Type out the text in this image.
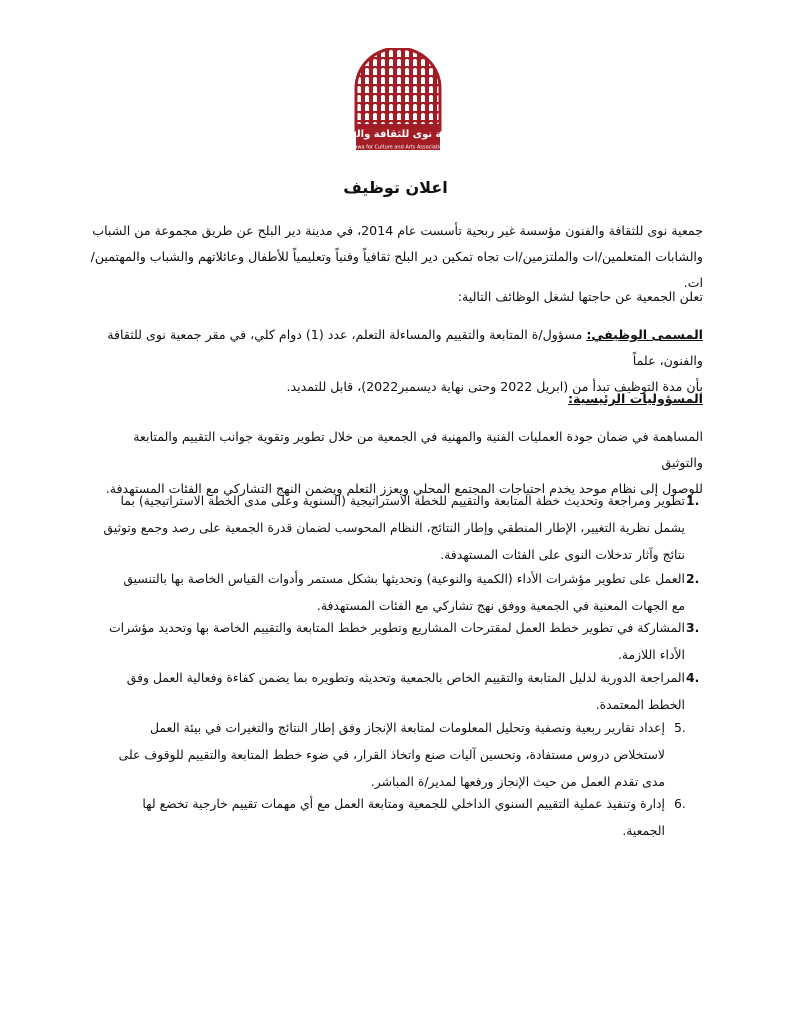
جمعية نوى للثقافة والفنون
Nawa for Culture and Arts Association
اعلان توظيف
جمعية نوى للثقافة والفنون مؤسسة غير ربحية تأسست عام 2014، في مدينة دير البلح عن طريق مجموعة من الشباب
والشابات المتعلمين/ات والملتزمين/ات تجاه تمكين دير البلح ثقافياً وفنياً وتعليمياً للأطفال وعائلاتهم والشباب والمهتمين/ات.
تعلن الجمعية عن حاجتها لشغل الوظائف التالية:
المسمى الوظيفي: مسؤول/ة المتابعة والتقييم والمساءلة التعلم، عدد (1) دوام كلي، في مقر جمعية نوى للثقافة والفنون، علماً
بأن مدة التوظيف تبدأ من (ابريل 2022 وحتى نهاية ديسمبر2022)، قابل للتمديد.
المسؤوليات الرئيسية:
المساهمة في ضمان جودة العمليات الفنية والمهنية في الجمعية من خلال تطوير وتقوية جوانب التقييم والمتابعة والتوثيق
للوصول إلى نظام موحد يخدم احتياجات المجتمع المحلي ويعزز التعلم ويضمن النهج التشاركي مع الفئات المستهدفة.
1.
تطوير ومراجعة وتحديث خطة المتابعة والتقييم للخطة الاستراتيجية (السنوية وعلى مدى الخطة الاستراتيجية) بما
يشمل نظرية التغيير، الإطار المنطقي وإطار النتائج، النظام المحوسب لضمان قدرة الجمعية على رصد وجمع وتوثيق
نتائج وآثار تدخلات النوى على الفئات المستهدفة.
2.
العمل على تطوير مؤشرات الأداء (الكمية والنوعية) وتحديثها بشكل مستمر وأدوات القياس الخاصة بها بالتنسيق
مع الجهات المعنية في الجمعية ووفق نهج تشاركي مع الفئات المستهدفة.
3.
المشاركة في تطوير خطط العمل لمقترحات المشاريع وتطوير خطط المتابعة والتقييم الخاصة بها وتحديد مؤشرات
الأداء اللازمة.
4.
المراجعة الدورية لدليل المتابعة والتقييم الخاص بالجمعية وتحديثه وتطويره بما يضمن كفاءة وفعالية العمل وفق
الخطط المعتمدة.
5.
إعداد تقارير ربعية ونصفية وتحليل المعلومات لمتابعة الإنجاز وفق إطار النتائج والتغيرات في بيئة العمل
لاستخلاص دروس مستفادة، وتحسين آليات صنع واتخاذ القرار، في ضوء خطط المتابعة والتقييم للوقوف على
مدى تقدم العمل من حيث الإنجاز ورفعها لمدير/ة المباشر.
6.
إدارة وتنفيذ عملية التقييم السنوي الداخلي للجمعية ومتابعة العمل مع أي مهمات تقييم خارجية تخضع لها
الجمعية.
